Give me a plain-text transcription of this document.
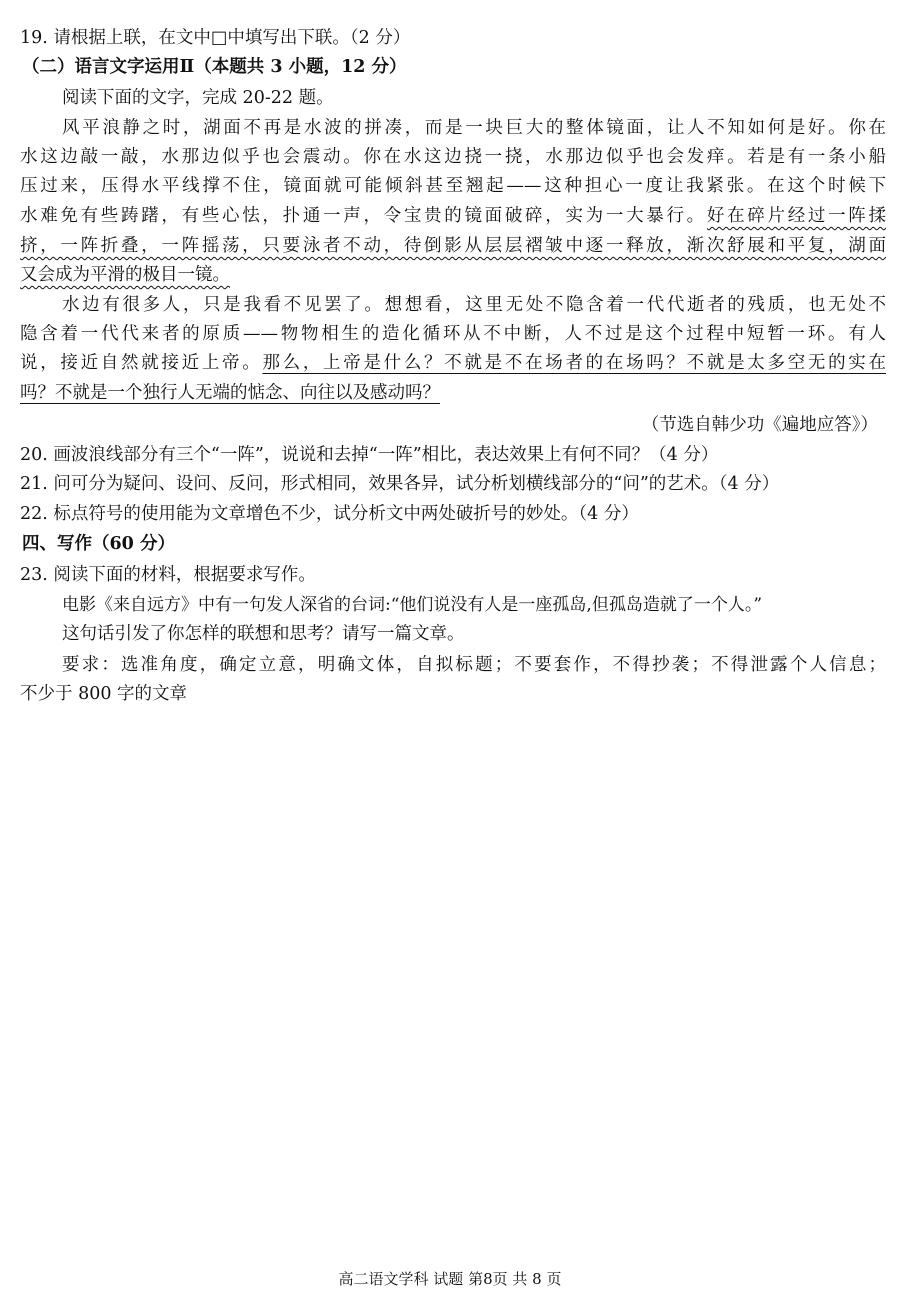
19. 请根据上联，在文中□中填写出下联。（2 分）
（二）语言文字运用Ⅱ（本题共 3 小题，12 分）
阅读下面的文字，完成 20-22 题。
风平浪静之时，湖面不再是水波的拼凑，而是一块巨大的整体镜面，让人不知如何是好。你在
水这边敲一敲，水那边似乎也会震动。你在水这边挠一挠，水那边似乎也会发痒。若是有一条小船
压过来，压得水平线撑不住，镜面就可能倾斜甚至翘起——这种担心一度让我紧张。在这个时候下
水难免有些踌躇，有些心怯，扑通一声，令宝贵的镜面破碎，实为一大暴行。好在碎片经过一阵揉
挤，一阵折叠，一阵摇荡，只要泳者不动，待倒影从层层褶皱中逐一释放，渐次舒展和平复，湖面
又会成为平滑的极目一镜。
水边有很多人，只是我看不见罢了。想想看，这里无处不隐含着一代代逝者的残质，也无处不
隐含着一代代来者的原质——物物相生的造化循环从不中断，人不过是这个过程中短暂一环。有人
说，接近自然就接近上帝。那么，上帝是什么？不就是不在场者的在场吗？不就是太多空无的实在
吗？不就是一个独行人无端的惦念、向往以及感动吗？
（节选自韩少功《遍地应答》）
20. 画波浪线部分有三个“一阵”，说说和去掉“一阵”相比，表达效果上有何不同？（4 分）
21. 问可分为疑问、设问、反问，形式相同，效果各异，试分析划横线部分的“问”的艺术。（4 分）
22. 标点符号的使用能为文章增色不少，试分析文中两处破折号的妙处。（4 分）
四、写作（60 分）
23. 阅读下面的材料，根据要求写作。
电影《来自远方》中有一句发人深省的台词:“他们说没有人是一座孤岛,但孤岛造就了一个人。”
这句话引发了你怎样的联想和思考？请写一篇文章。
要求：选准角度，确定立意，明确文体，自拟标题；不要套作，不得抄袭；不得泄露个人信息；
不少于 800 字的文章
高二语文学科 试题 第8页 共 8 页
